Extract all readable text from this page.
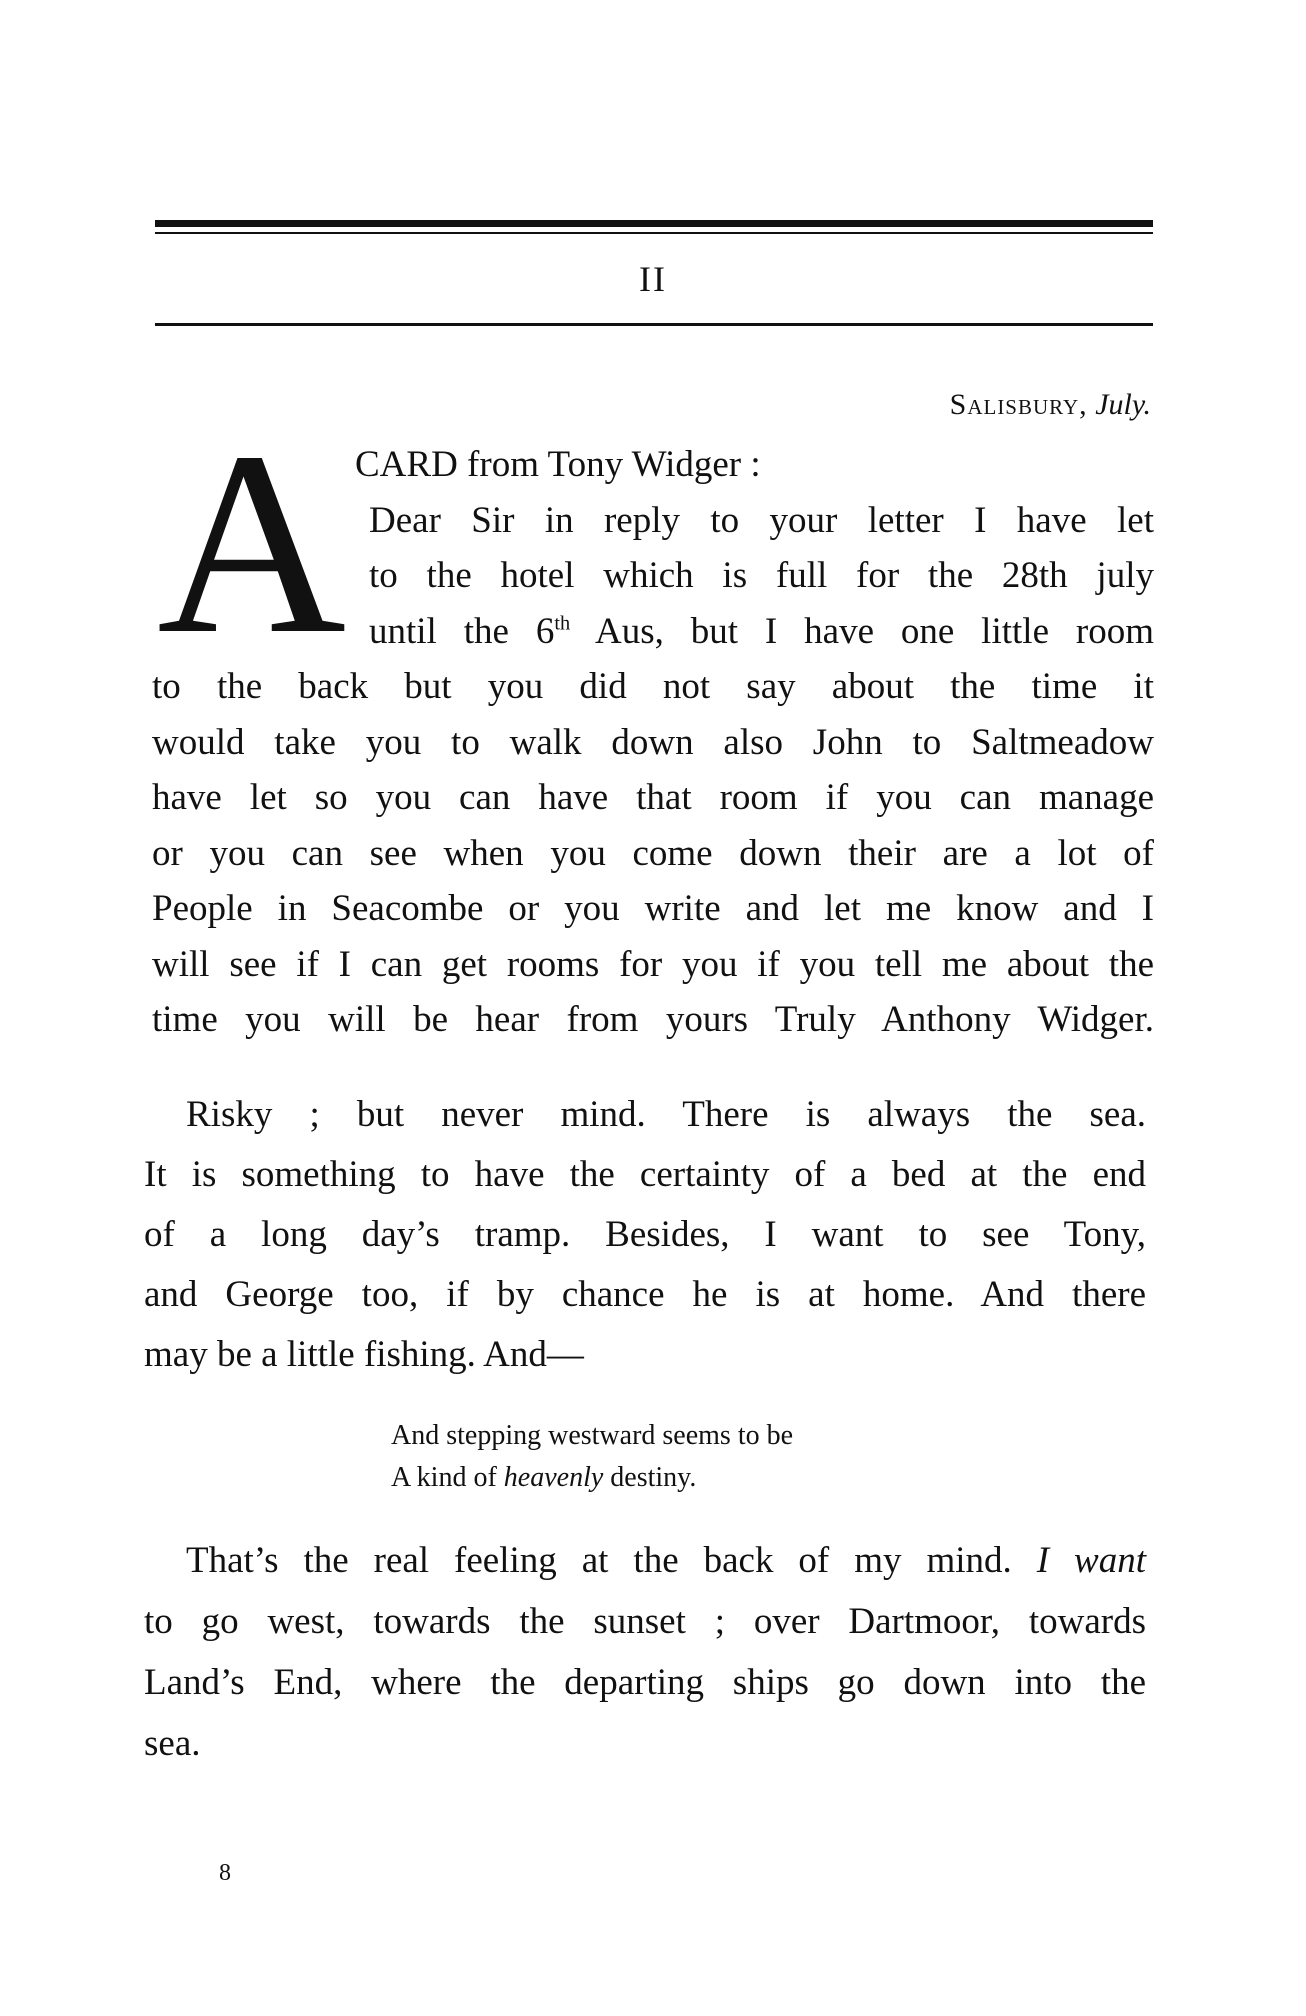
II
Salisbury, July.
A CARD from Tony Widger :
Dear Sir in reply to your letter I have let
to the hotel which is full for the 28th july
until the 6th Aus, but I have one little room
to the back but you did not say about the time it
would take you to walk down also John to Saltmeadow
have let so you can have that room if you can manage
or you can see when you come down their are a lot of
People in Seacombe or you write and let me know and I
will see if I can get rooms for you if you tell me about the
time you will be hear from yours Truly Anthony Widger.
Risky ; but never mind. There is always the sea.
It is something to have the certainty of a bed at the end
of a long day’s tramp. Besides, I want to see Tony,
and George too, if by chance he is at home. And there
may be a little fishing. And—
And stepping westward seems to be
A kind of heavenly destiny.
That’s the real feeling at the back of my mind. I want
to go west, towards the sunset ; over Dartmoor, towards
Land’s End, where the departing ships go down into the
sea.
8
